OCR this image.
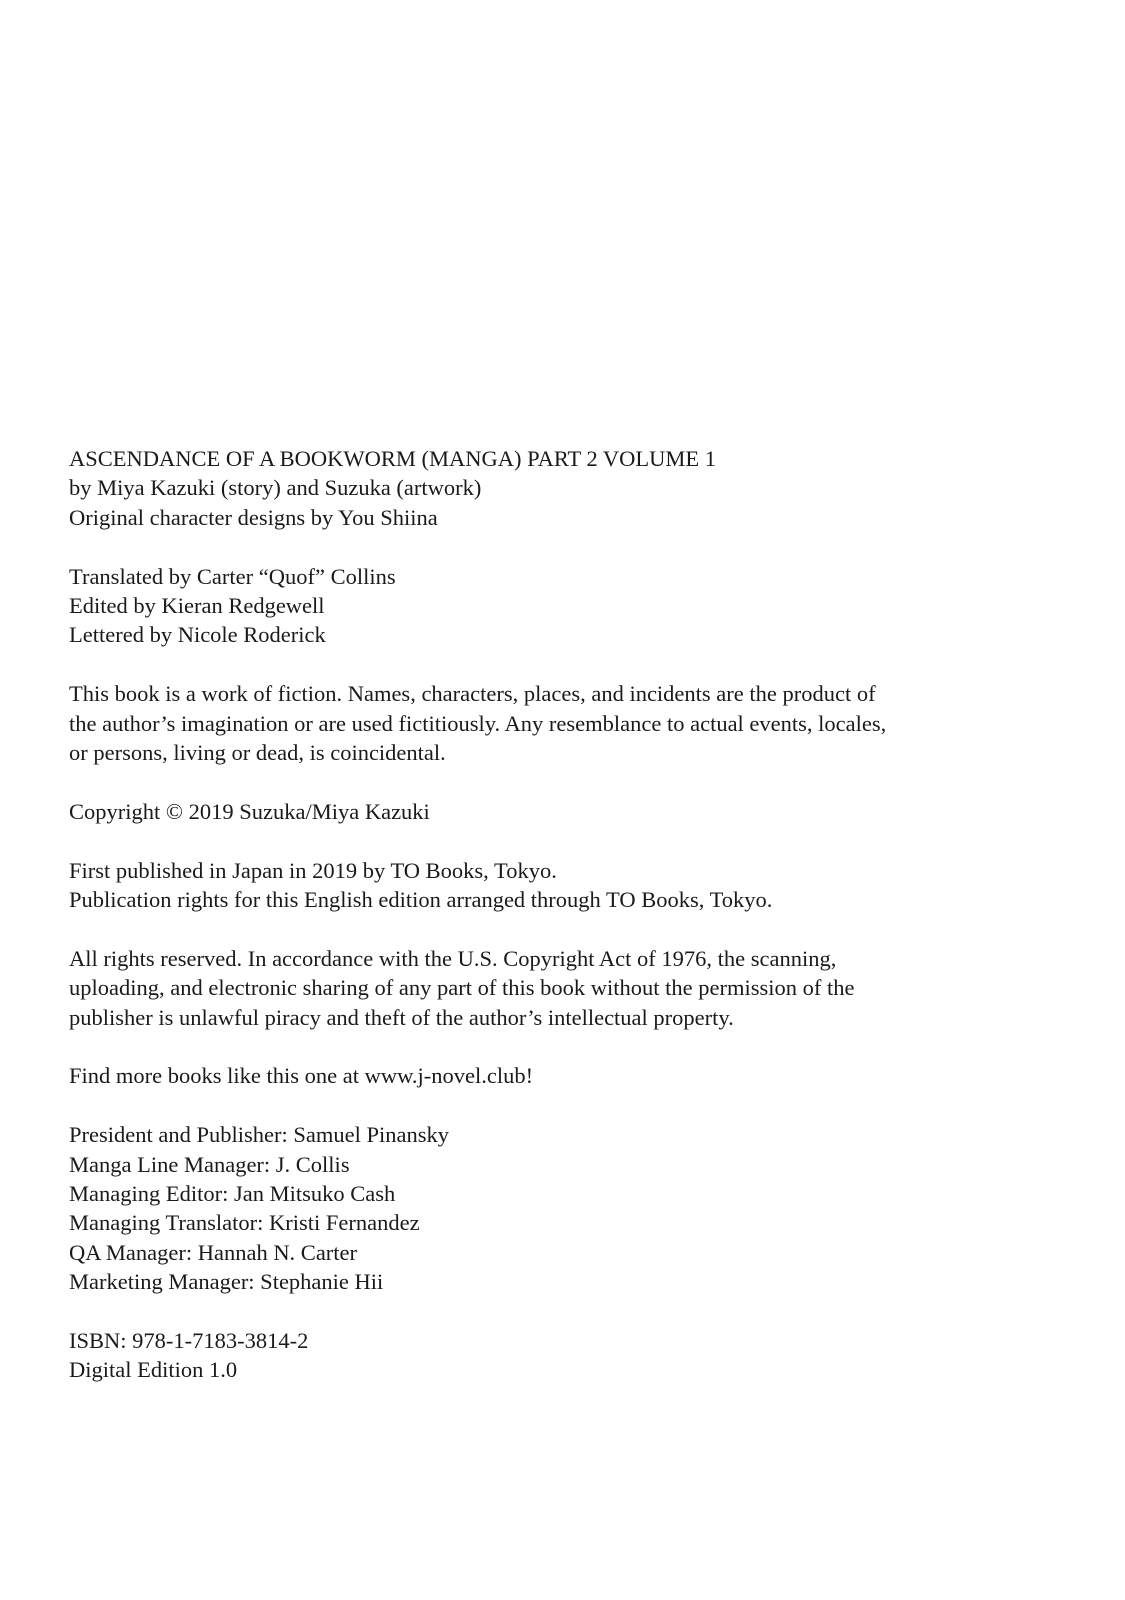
ASCENDANCE OF A BOOKWORM (MANGA) PART 2 VOLUME 1
by Miya Kazuki (story) and Suzuka (artwork)
Original character designs by You Shiina
Translated by Carter “Quof” Collins
Edited by Kieran Redgewell
Lettered by Nicole Roderick
This book is a work of fiction. Names, characters, places, and incidents are the product of
the author’s imagination or are used fictitiously. Any resemblance to actual events, locales,
or persons, living or dead, is coincidental.
Copyright © 2019 Suzuka/Miya Kazuki
First published in Japan in 2019 by TO Books, Tokyo.
Publication rights for this English edition arranged through TO Books, Tokyo.
All rights reserved. In accordance with the U.S. Copyright Act of 1976, the scanning,
uploading, and electronic sharing of any part of this book without the permission of the
publisher is unlawful piracy and theft of the author’s intellectual property.
Find more books like this one at www.j-novel.club!
President and Publisher: Samuel Pinansky
Manga Line Manager: J. Collis
Managing Editor: Jan Mitsuko Cash
Managing Translator: Kristi Fernandez
QA Manager: Hannah N. Carter
Marketing Manager: Stephanie Hii
ISBN: 978-1-7183-3814-2
Digital Edition 1.0
